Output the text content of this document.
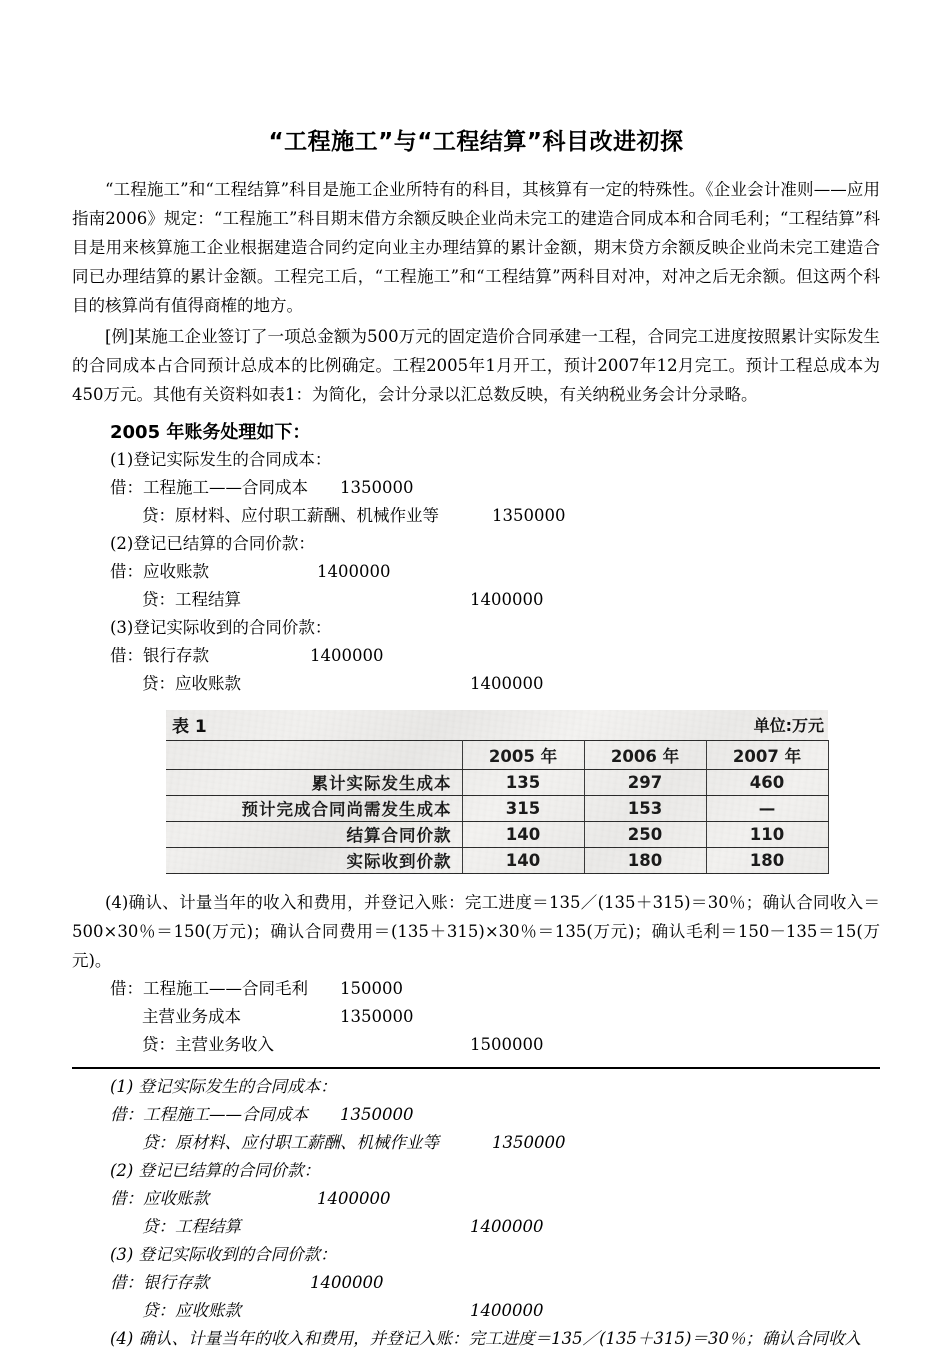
“工程施工”与“工程结算”科目改进初探

“工程施工”和“工程结算”科目是施工企业所特有的科目，其核算有一定的特殊性。《企业会计准则——应用指南2006》规定：“工程施工”科目期末借方余额反映企业尚未完工的建造合同成本和合同毛利；“工程结算”科目是用来核算施工企业根据建造合同约定向业主办理结算的累计金额，期末贷方余额反映企业尚未完工建造合同已办理结算的累计金额。工程完工后，“工程施工”和“工程结算”两科目对冲，对冲之后无余额。但这两个科目的核算尚有值得商榷的地方。

[例]某施工企业签订了一项总金额为500万元的固定造价合同承建一工程，合同完工进度按照累计实际发生的合同成本占合同预计总成本的比例确定。工程2005年1月开工，预计2007年12月完工。预计工程总成本为450万元。其他有关资料如表1：为简化，会计分录以汇总数反映，有关纳税业务会计分录略。

2005 年账务处理如下：
(1)登记实际发生的合同成本：
借：工程施工——合同成本 1350000
贷：原材料、应付职工薪酬、机械作业等	1350000
(2)登记已结算的合同价款：
借：应收账款	1400000
贷：工程结算	1400000
(3)登记实际收到的合同价款：
借：银行存款	1400000
贷：应收账款	1400000
表 1	单位:万元
	2005 年	2006 年	2007 年
累计实际发生成本	135	297	460
预计完成合同尚需发生成本	315	153	—
结算合同价款	140	250	110
实际收到价款	140	180	180

(4)确认、计量当年的收入和费用，并登记入账：完工进度＝135／(135＋315)＝30％；确认合同收入＝500×30％＝150(万元)；确认合同费用＝(135＋315)×30％＝135(万元)；确认毛利＝150－135＝15(万元)。

借：工程施工——合同毛利 150000
主营业务成本	1350000
贷：主营业务收入	1500000
(1) 登记实际发生的合同成本：
借：工程施工——合同成本 1350000
贷：原材料、应付职工薪酬、机械作业等	1350000
(2) 登记已结算的合同价款：
借：应收账款	1400000
贷：工程结算	1400000
(3) 登记实际收到的合同价款：
借：银行存款	1400000
贷：应收账款	1400000
(4) 确认、计量当年的收入和费用，并登记入账：完工进度＝135／(135＋315)＝30％；确认合同收入
